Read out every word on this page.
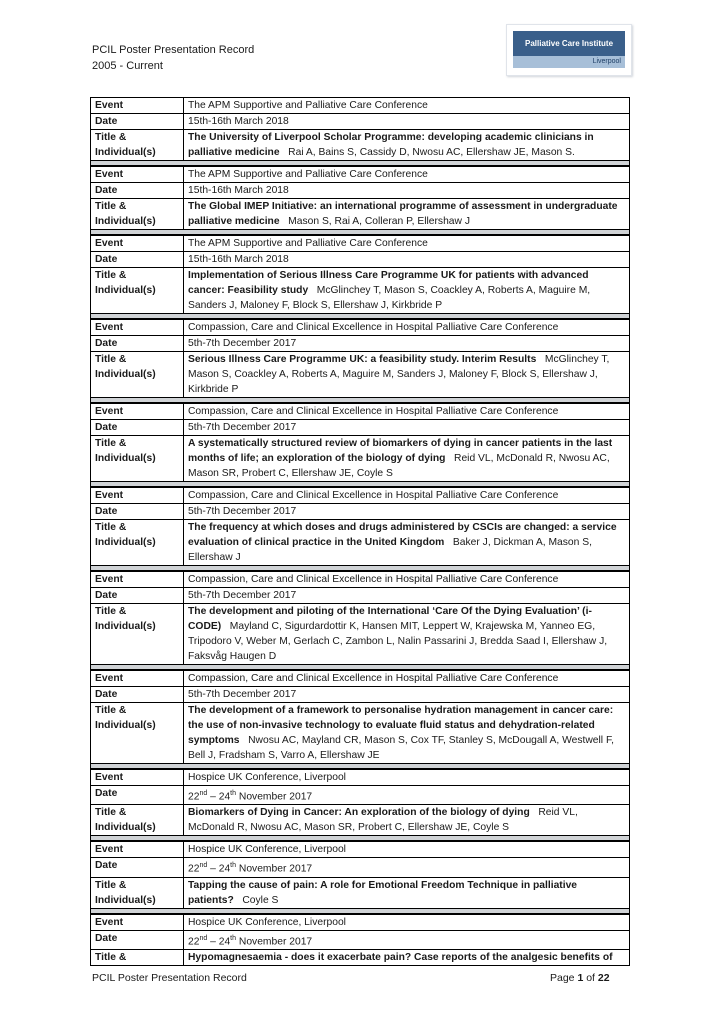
PCIL Poster Presentation Record
2005 - Current
Palliative Care Institute
Liverpool
Event	The APM Supportive and Palliative Care Conference
Date	15th-16th March 2018

Title &
Individual(s)	The University of Liverpool Scholar Programme: developing academic clinicians in palliative medicine Rai A, Bains S, Cassidy D, Nwosu AC, Ellershaw JE, Mason S.

Event	The APM Supportive and Palliative Care Conference
Date	15th-16th March 2018

Title &
Individual(s)	The Global IMEP Initiative: an international programme of assessment in undergraduate palliative medicine Mason S, Rai A, Colleran P, Ellershaw J

Event	The APM Supportive and Palliative Care Conference
Date	15th-16th March 2018

Title &
Individual(s)	Implementation of Serious Illness Care Programme UK for patients with advanced cancer: Feasibility study McGlinchey T, Mason S, Coackley A, Roberts A, Maguire M, Sanders J, Maloney F, Block S, Ellershaw J, Kirkbride P

Event	Compassion, Care and Clinical Excellence in Hospital Palliative Care Conference
Date	5th-7th December 2017

Title &
Individual(s)	Serious Illness Care Programme UK: a feasibility study. Interim Results McGlinchey T, Mason S, Coackley A, Roberts A, Maguire M, Sanders J, Maloney F, Block S, Ellershaw J, Kirkbride P

Event	Compassion, Care and Clinical Excellence in Hospital Palliative Care Conference
Date	5th-7th December 2017

Title &
Individual(s)	A systematically structured review of biomarkers of dying in cancer patients in the last months of life; an exploration of the biology of dying Reid VL, McDonald R, Nwosu AC, Mason SR, Probert C, Ellershaw JE, Coyle S

Event	Compassion, Care and Clinical Excellence in Hospital Palliative Care Conference
Date	5th-7th December 2017

Title &
Individual(s)	The frequency at which doses and drugs administered by CSCIs are changed: a service evaluation of clinical practice in the United Kingdom Baker J, Dickman A, Mason S, Ellershaw J

Event	Compassion, Care and Clinical Excellence in Hospital Palliative Care Conference
Date	5th-7th December 2017

Title &
Individual(s)	The development and piloting of the International ‘Care Of the Dying Evaluation’ (i-CODE) Mayland C, Sigurdardottir K, Hansen MIT, Leppert W, Krajewska M, Yanneo EG, Tripodoro V, Weber M, Gerlach C, Zambon L, Nalin Passarini J, Bredda Saad I, Ellershaw J, Faksvåg Haugen D

Event	Compassion, Care and Clinical Excellence in Hospital Palliative Care Conference
Date	5th-7th December 2017

Title &
Individual(s)	The development of a framework to personalise hydration management in cancer care: the use of non-invasive technology to evaluate fluid status and dehydration-related symptoms Nwosu AC, Mayland CR, Mason S, Cox TF, Stanley S, McDougall A, Westwell F, Bell J, Fradsham S, Varro A, Ellershaw JE

Event	Hospice UK Conference, Liverpool
Date	22nd – 24th November 2017

Title &
Individual(s)	Biomarkers of Dying in Cancer: An exploration of the biology of dying Reid VL, McDonald R, Nwosu AC, Mason SR, Probert C, Ellershaw JE, Coyle S

Event	Hospice UK Conference, Liverpool
Date	22nd – 24th November 2017

Title &
Individual(s)	Tapping the cause of pain: A role for Emotional Freedom Technique in palliative patients? Coyle S

Event	Hospice UK Conference, Liverpool
Date	22nd – 24th November 2017

Title &	Hypomagnesaemia - does it exacerbate pain? Case reports of the analgesic benefits of
PCIL Poster Presentation Record	Page 1 of 22
